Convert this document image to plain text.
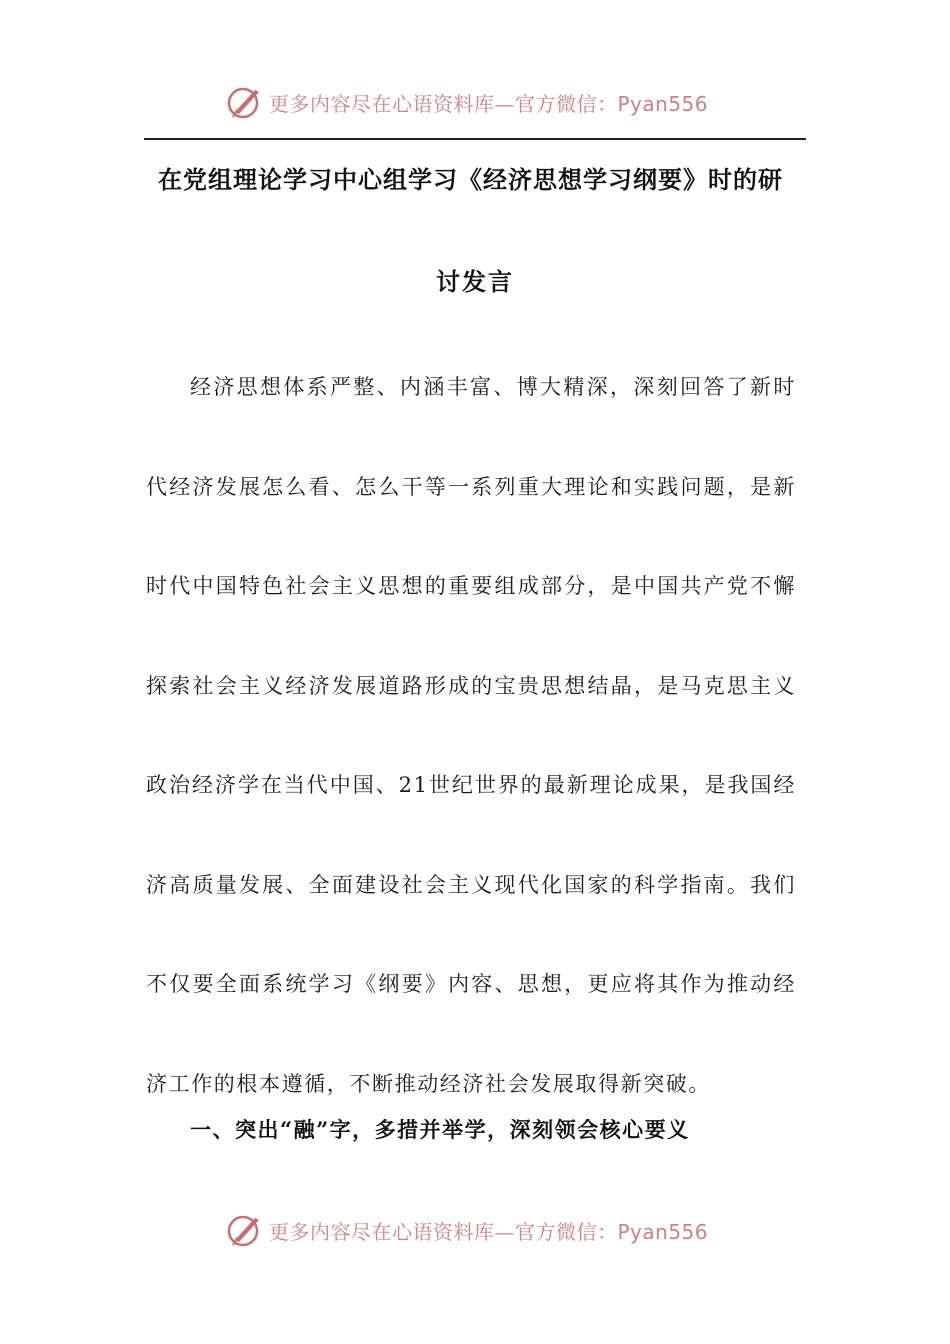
更多内容尽在心语资料库—官方微信：Pyan556
在党组理论学习中心组学习《经济思想学习纲要》时的研
讨发言

经济思想体系严整、内涵丰富、博大精深，深刻回答了新时代经济发展怎么看、怎么干等一系列重大理论和实践问题，是新时代中国特色社会主义思想的重要组成部分，是中国共产党不懈探索社会主义经济发展道路形成的宝贵思想结晶，是马克思主义政治经济学在当代中国、21世纪世界的最新理论成果，是我国经济高质量发展、全面建设社会主义现代化国家的科学指南。我们不仅要全面系统学习《纲要》内容、思想，更应将其作为推动经济工作的根本遵循，不断推动经济社会发展取得新突破。

一、突出“融”字，多措并举学，深刻领会核心要义
更多内容尽在心语资料库—官方微信：Pyan556
